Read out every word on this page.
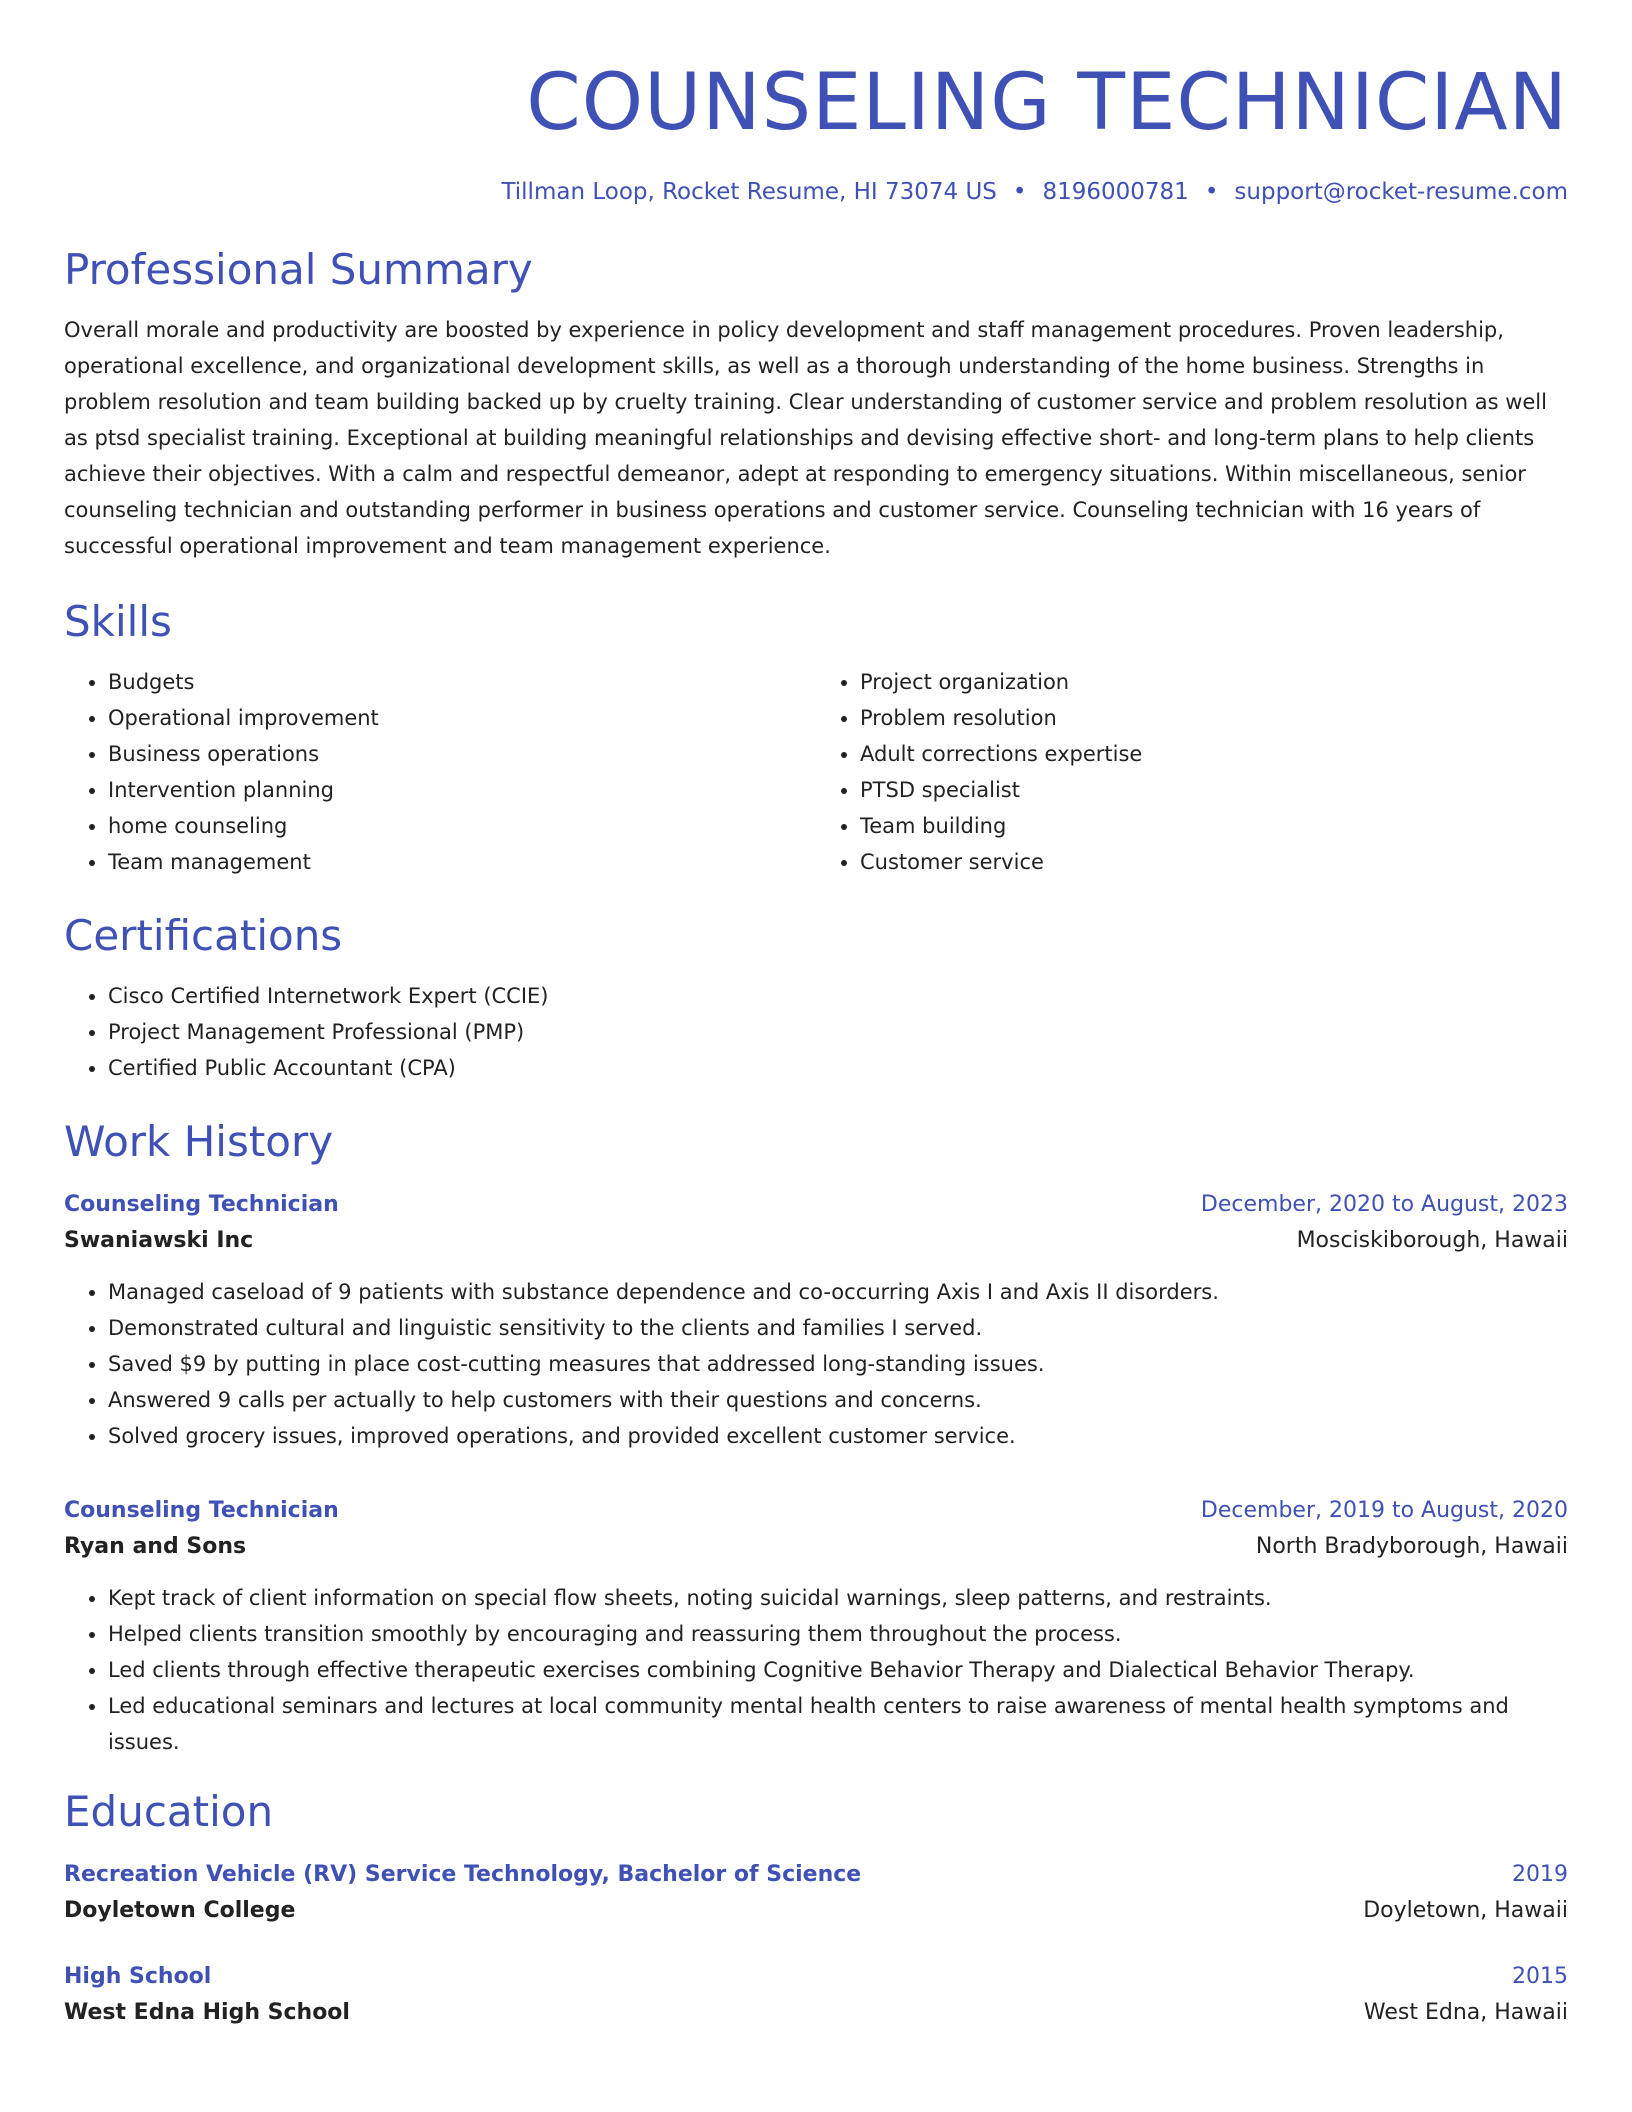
COUNSELING TECHNICIAN
Tillman Loop, Rocket Resume, HI 73074 US • 8196000781 • support@rocket-resume.com
Professional Summary

Overall morale and productivity are boosted by experience in policy development and staff management procedures. Proven leadership, operational excellence, and organizational development skills, as well as a thorough understanding of the home business. Strengths in problem resolution and team building backed up by cruelty training. Clear understanding of customer service and problem resolution as well as ptsd specialist training. Exceptional at building meaningful relationships and devising effective short- and long-term plans to help clients achieve their objectives. With a calm and respectful demeanor, adept at responding to emergency situations. Within miscellaneous, senior counseling technician and outstanding performer in business operations and customer service. Counseling technician with 16 years of successful operational improvement and team management experience.

Skills
• Budgets
• Operational improvement
• Business operations
• Intervention planning
• home counseling
• Team management
• Project organization
• Problem resolution
• Adult corrections expertise
• PTSD specialist
• Team building
• Customer service
Certifications
• Cisco Certified Internetwork Expert (CCIE)
• Project Management Professional (PMP)
• Certified Public Accountant (CPA)
Work History
Counseling Technician	December, 2020 to August, 2023
Swaniawski Inc	Mosciskiborough, Hawaii
• Managed caseload of 9 patients with substance dependence and co-occurring Axis I and Axis II disorders.
• Demonstrated cultural and linguistic sensitivity to the clients and families I served.
• Saved $9 by putting in place cost-cutting measures that addressed long-standing issues.
• Answered 9 calls per actually to help customers with their questions and concerns.
• Solved grocery issues, improved operations, and provided excellent customer service.
Counseling Technician	December, 2019 to August, 2020
Ryan and Sons	North Bradyborough, Hawaii
• Kept track of client information on special flow sheets, noting suicidal warnings, sleep patterns, and restraints.
• Helped clients transition smoothly by encouraging and reassuring them throughout the process.
• Led clients through effective therapeutic exercises combining Cognitive Behavior Therapy and Dialectical Behavior Therapy.
• Led educational seminars and lectures at local community mental health centers to raise awareness of mental health symptoms and issues.
Education
Recreation Vehicle (RV) Service Technology, Bachelor of Science	2019
Doyletown College	Doyletown, Hawaii
High School	2015
West Edna High School	West Edna, Hawaii
